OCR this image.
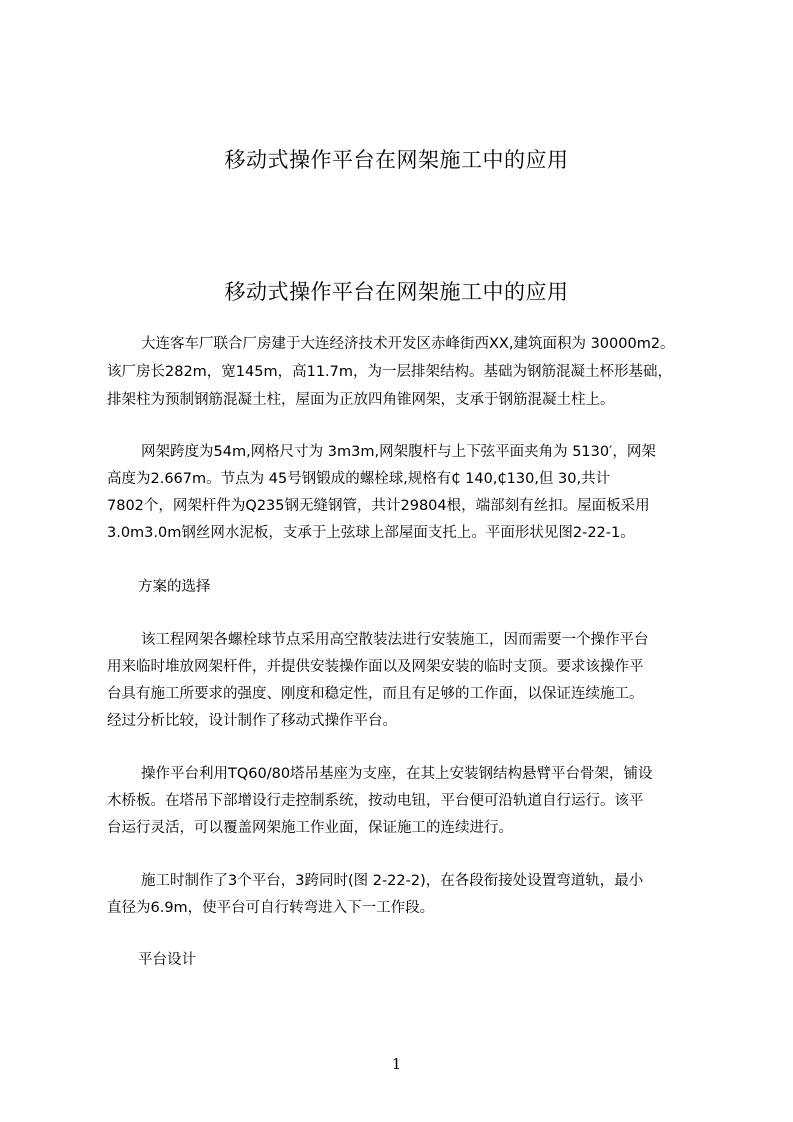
移动式操作平台在网架施工中的应用
移动式操作平台在网架施工中的应用
大连客车厂联合厂房建于大连经济技术开发区赤峰街西XX,建筑面积为 30000m2。
该厂房长282m，宽145m，高11.7m，为一层排架结构。基础为钢筋混凝土杯形基础，
排架柱为预制钢筋混凝土柱，屋面为正放四角锥网架，支承于钢筋混凝土柱上。
网架跨度为54m,网格尺寸为 3m3m,网架腹杆与上下弦平面夹角为 5130′，网架
高度为2.667m。节点为 45号钢锻成的螺栓球,规格有₵ 140,₵130,但 30,共计
7802个，网架杆件为Q235钢无缝钢管，共计29804根，端部刻有丝扣。屋面板采用
3.0m3.0m钢丝网水泥板，支承于上弦球上部屋面支托上。平面形状见图2-22-1。
方案的选择
该工程网架各螺栓球节点采用高空散装法进行安装施工，因而需要一个操作平台
用来临时堆放网架杆件，并提供安装操作面以及网架安装的临时支顶。要求该操作平
台具有施工所要求的强度、刚度和稳定性，而且有足够的工作面，以保证连续施工。
经过分析比较，设计制作了移动式操作平台。
操作平台利用TQ60/80塔吊基座为支座，在其上安装钢结构悬臂平台骨架，铺设
木桥板。在塔吊下部增设行走控制系统，按动电钮，平台便可沿轨道自行运行。该平
台运行灵活，可以覆盖网架施工作业面，保证施工的连续进行。
施工时制作了3个平台，3跨同时(图 2-22-2)，在各段衔接处设置弯道轨，最小
直径为6.9m，使平台可自行转弯进入下一工作段。
平台设计
1
